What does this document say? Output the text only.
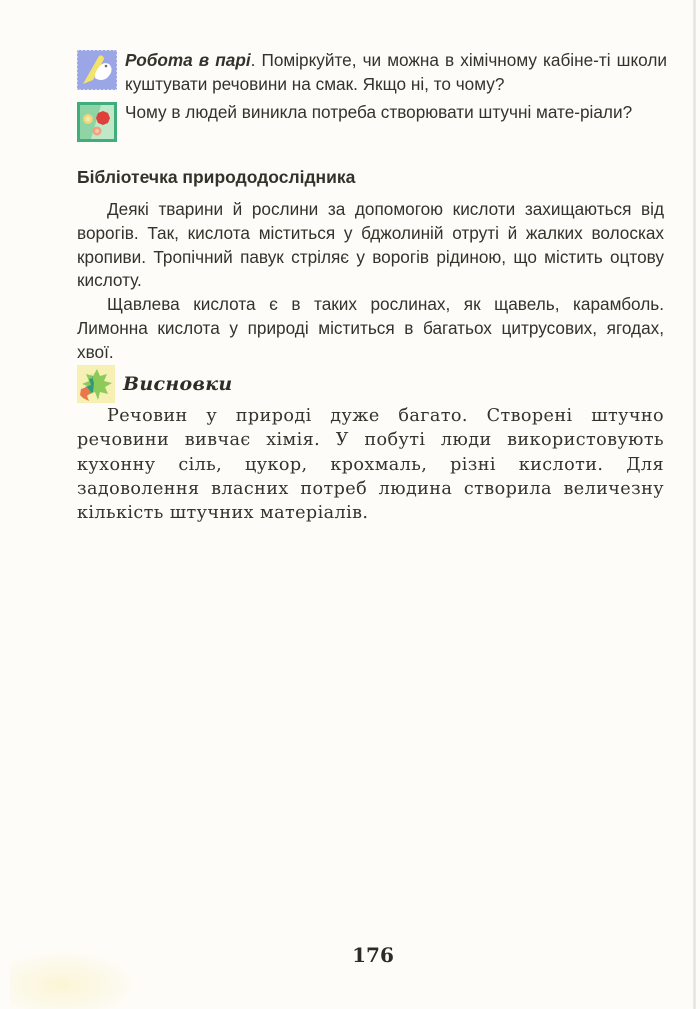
Робота в парі. Поміркуйте, чи можна в хімічному кабіне-ті школи куштувати речовини на смак. Якщо ні, то чому?
Чому в людей виникла потреба створювати штучні мате-ріали?
Бібліотечка природодослідника

Деякі тварини й рослини за допомогою кислоти захищаються від ворогів. Так, кислота міститься у бджолиній отруті й жалких волосках кропиви. Тропічний павук стріляє у ворогів рідиною, що містить оцтову кислоту.

Щавлева кислота є в таких рослинах, як щавель, карамболь. Лимонна кислота у природі міститься в багатьох цитрусових, ягодах, хвої.

Висновки

Речовин у природі дуже багато. Створені штучно речовини вивчає хімія. У побуті люди використовують кухонну сіль, цукор, крохмаль, різні кислоти. Для задоволення власних потреб людина створила величезну кількість штучних матеріалів.

176
